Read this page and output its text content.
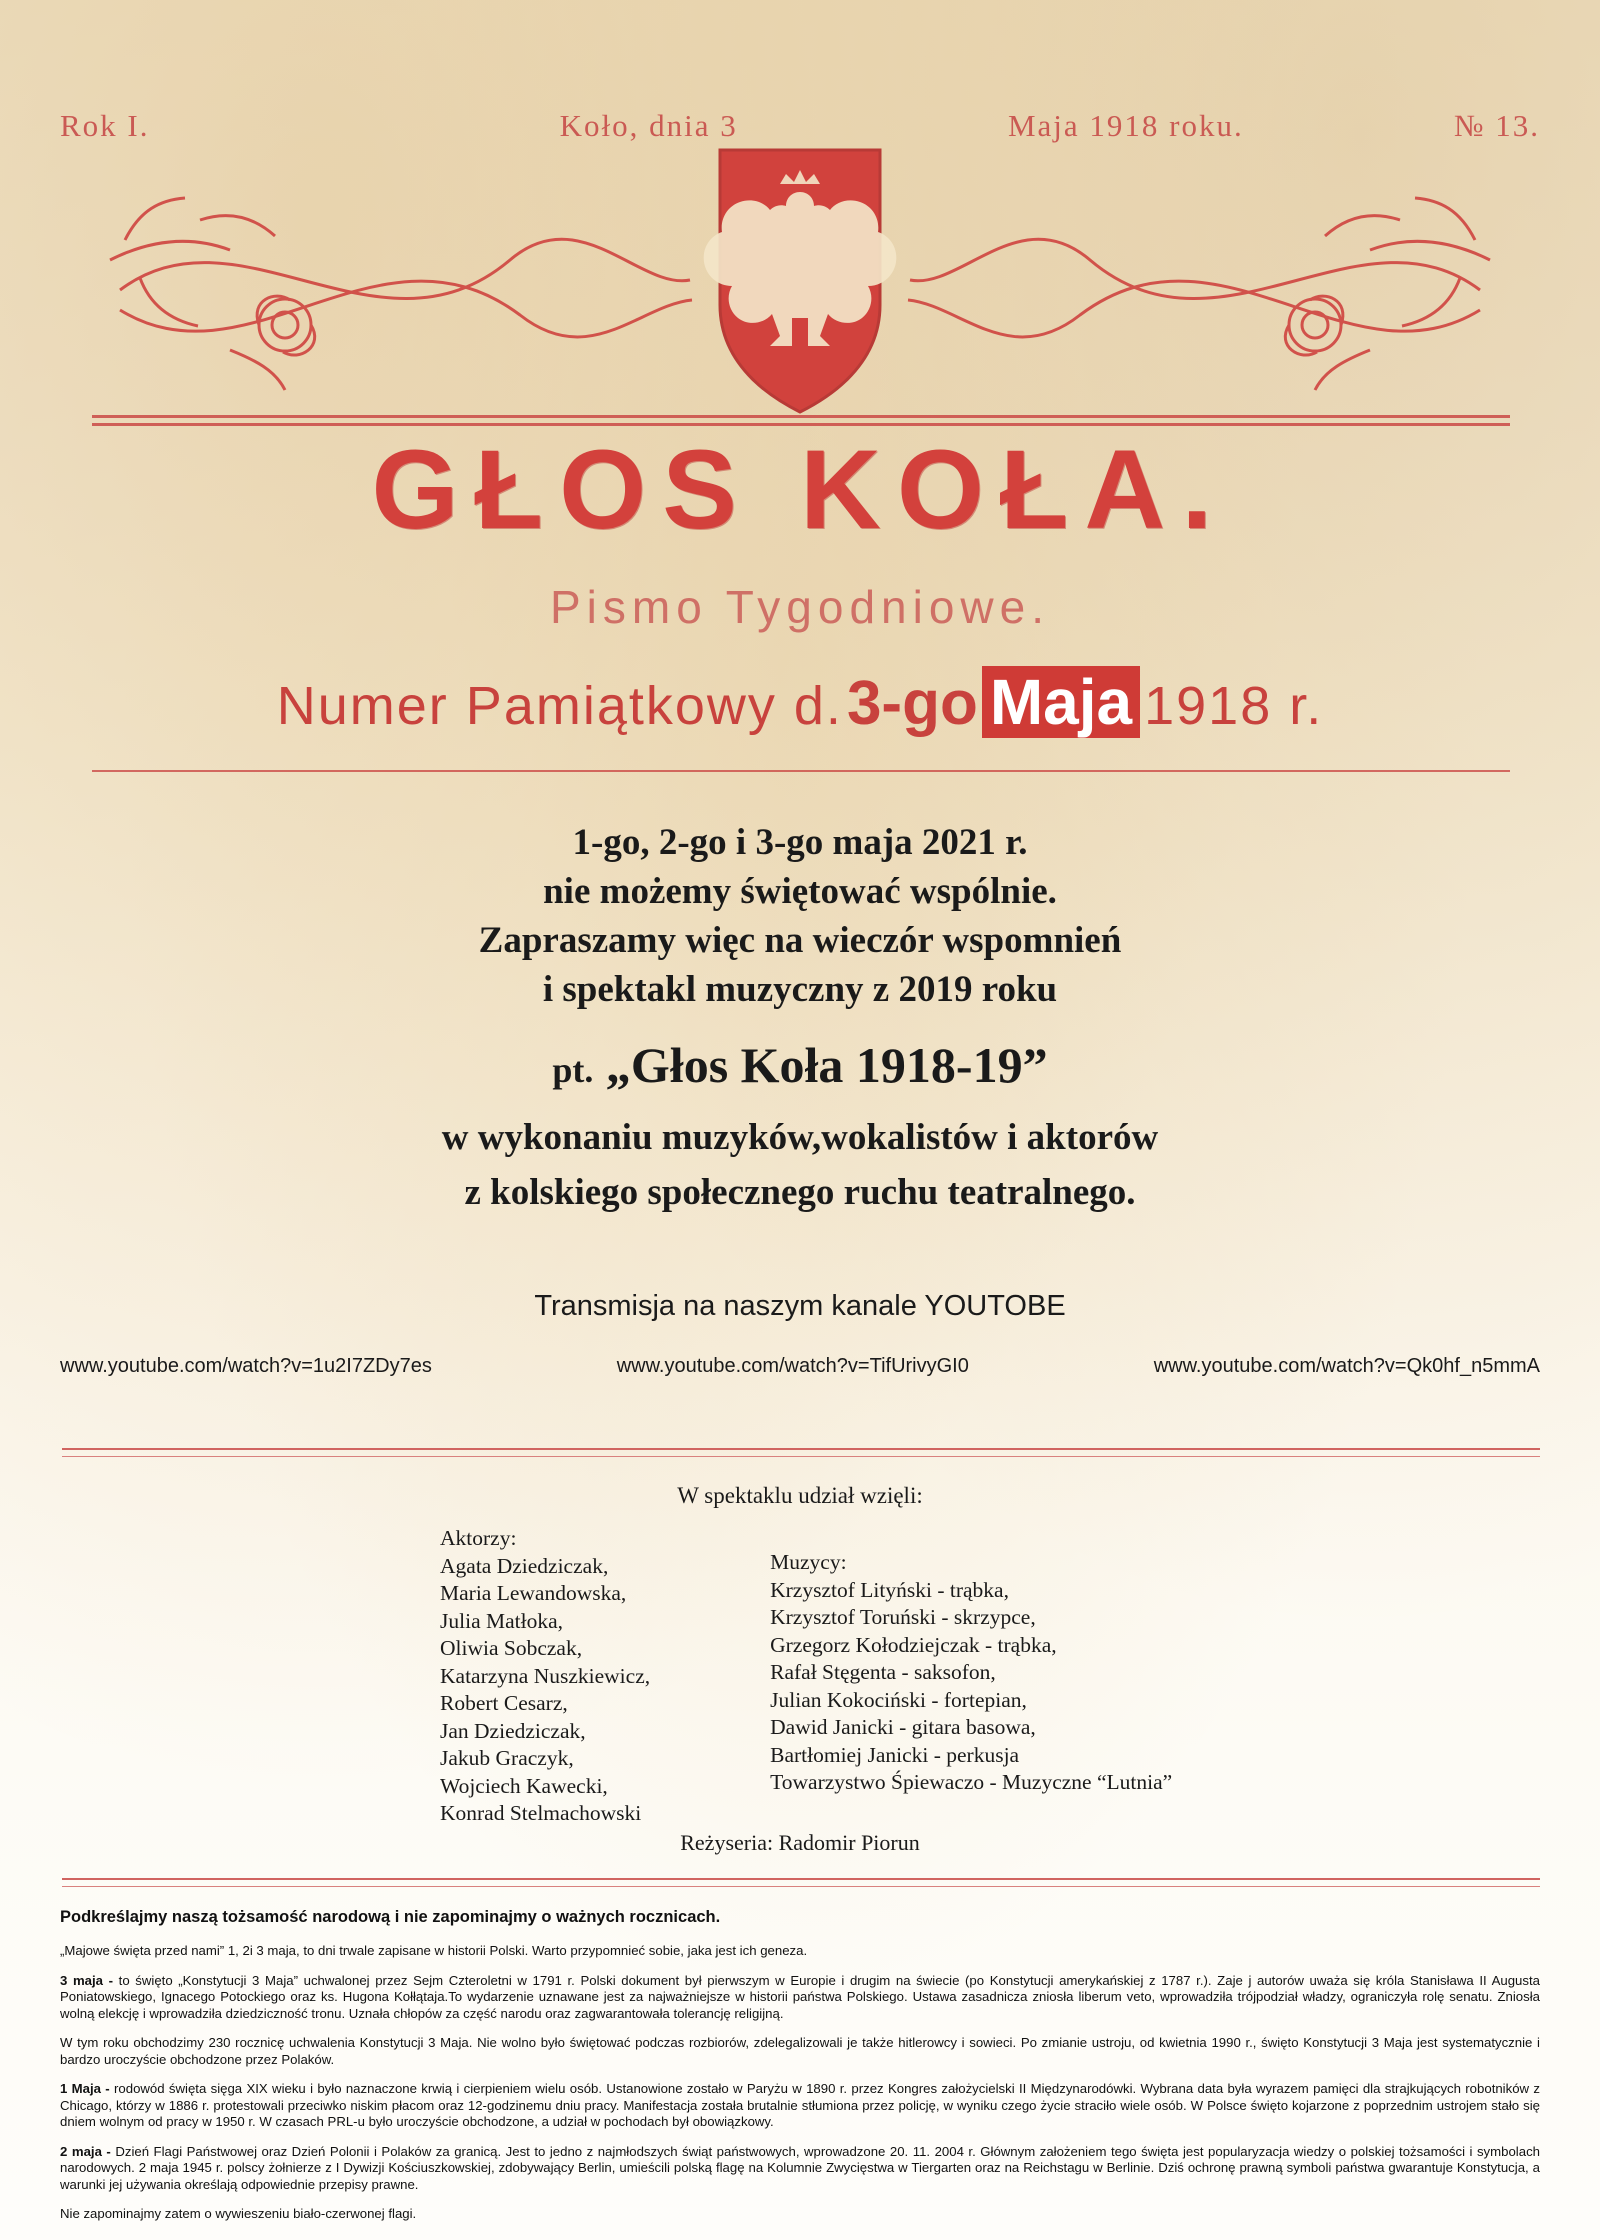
Rok I.	Koło, dnia 3	Maja 1918 roku.	№ 13.
GŁOS KOŁA.
Pismo Tygodniowe.
Numer Pamiątkowy d. 3-go Maja 1918 r.
1-go, 2-go i 3-go maja 2021 r.
nie możemy świętować wspólnie.
Zapraszamy więc na wieczór wspomnień
i spektakl muzyczny z 2019 roku
pt. „Głos Koła 1918-19”
w wykonaniu muzyków,wokalistów i aktorów
z kolskiego społecznego ruchu teatralnego.
Transmisja na naszym kanale YOUTOBE
www.youtube.com/watch?v=1u2I7ZDy7es	www.youtube.com/watch?v=TifUrivyGI0	www.youtube.com/watch?v=Qk0hf_n5mmA
W spektaklu udział wzięli:
Aktorzy:
Agata Dziedziczak,
Maria Lewandowska,
Julia Matłoka,
Oliwia Sobczak,
Katarzyna Nuszkiewicz,
Robert Cesarz,
Jan Dziedziczak,
Jakub Graczyk,
Wojciech Kawecki,
Konrad Stelmachowski
Muzycy:
Krzysztof Lityński - trąbka,
Krzysztof Toruński - skrzypce,
Grzegorz Kołodziejczak - trąbka,
Rafał Stęgenta - saksofon,
Julian Kokociński - fortepian,
Dawid Janicki - gitara basowa,
Bartłomiej Janicki - perkusja
Towarzystwo Śpiewaczo - Muzyczne “Lutnia”
Reżyseria: Radomir Piorun
Podkreślajmy naszą tożsamość narodową i nie zapominajmy o ważnych rocznicach.

„Majowe święta przed nami” 1, 2i 3 maja, to dni trwale zapisane w historii Polski. Warto przypomnieć sobie, jaka jest ich geneza.

3 maja - to święto „Konstytucji 3 Maja” uchwalonej przez Sejm Czteroletni w 1791 r. Polski dokument był pierwszym w Europie i drugim na świecie (po Konstytucji amerykańskiej z 1787 r.). Zaje j autorów uważa się króla Stanisława II Augusta Poniatowskiego, Ignacego Potockiego oraz ks. Hugona Kołłątaja.To wydarzenie uznawane jest za najważniejsze w historii państwa Polskiego. Ustawa zasadnicza zniosła liberum veto, wprowadziła trójpodział władzy, ograniczyła rolę senatu. Zniosła wolną elekcję i wprowadziła dziedziczność tronu. Uznała chłopów za część narodu oraz zagwarantowała tolerancję religijną.

W tym roku obchodzimy 230 rocznicę uchwalenia Konstytucji 3 Maja. Nie wolno było świętować podczas rozbiorów, zdelegalizowali je także hitlerowcy i sowieci. Po zmianie ustroju, od kwietnia 1990 r., święto Konstytucji 3 Maja jest systematycznie i bardzo uroczyście obchodzone przez Polaków.

1 Maja - rodowód święta sięga XIX wieku i było naznaczone krwią i cierpieniem wielu osób. Ustanowione zostało w Paryżu w 1890 r. przez Kongres założycielski II Międzynarodówki. Wybrana data była wyrazem pamięci dla strajkujących robotników z Chicago, którzy w 1886 r. protestowali przeciwko niskim płacom oraz 12-godzinemu dniu pracy. Manifestacja została brutalnie stłumiona przez policję, w wyniku czego życie straciło wiele osób. W Polsce święto kojarzone z poprzednim ustrojem stało się dniem wolnym od pracy w 1950 r. W czasach PRL-u było uroczyście obchodzone, a udział w pochodach był obowiązkowy.

2 maja - Dzień Flagi Państwowej oraz Dzień Polonii i Polaków za granicą. Jest to jedno z najmłodszych świąt państwowych, wprowadzone 20. 11. 2004 r. Głównym założeniem tego święta jest popularyzacja wiedzy o polskiej tożsamości i symbolach narodowych. 2 maja 1945 r. polscy żołnierze z I Dywizji Kościuszkowskiej, zdobywający Berlin, umieścili polską flagę na Kolumnie Zwycięstwa w Tiergarten oraz na Reichstagu w Berlinie. Dziś ochronę prawną symboli państwa gwarantuje Konstytucja, a warunki jej używania określają odpowiednie przepisy prawne.

Nie zapominajmy zatem o wywieszeniu biało-czerwonej flagi.
